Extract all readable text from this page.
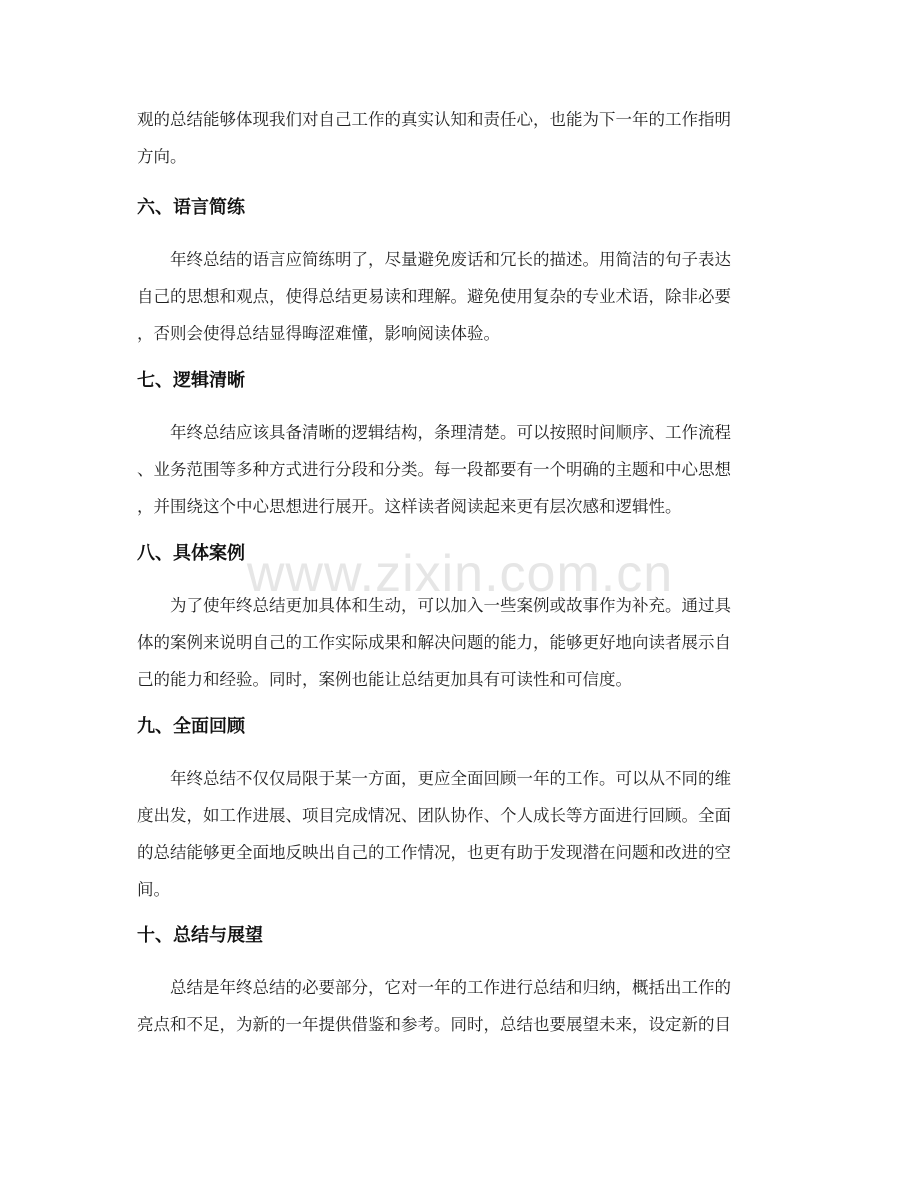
www.zixin.com.cn

观的总结能够体现我们对自己工作的真实认知和责任心，也能为下一年的工作指明
方向。

六、语言简练

　　年终总结的语言应简练明了，尽量避免废话和冗长的描述。用简洁的句子表达
自己的思想和观点，使得总结更易读和理解。避免使用复杂的专业术语，除非必要
，否则会使得总结显得晦涩难懂，影响阅读体验。

七、逻辑清晰

　　年终总结应该具备清晰的逻辑结构，条理清楚。可以按照时间顺序、工作流程
、业务范围等多种方式进行分段和分类。每一段都要有一个明确的主题和中心思想
，并围绕这个中心思想进行展开。这样读者阅读起来更有层次感和逻辑性。

八、具体案例

　　为了使年终总结更加具体和生动，可以加入一些案例或故事作为补充。通过具
体的案例来说明自己的工作实际成果和解决问题的能力，能够更好地向读者展示自
己的能力和经验。同时，案例也能让总结更加具有可读性和可信度。

九、全面回顾

　　年终总结不仅仅局限于某一方面，更应全面回顾一年的工作。可以从不同的维
度出发，如工作进展、项目完成情况、团队协作、个人成长等方面进行回顾。全面
的总结能够更全面地反映出自己的工作情况，也更有助于发现潜在问题和改进的空
间。

十、总结与展望

　　总结是年终总结的必要部分，它对一年的工作进行总结和归纳，概括出工作的
亮点和不足，为新的一年提供借鉴和参考。同时，总结也要展望未来，设定新的目
